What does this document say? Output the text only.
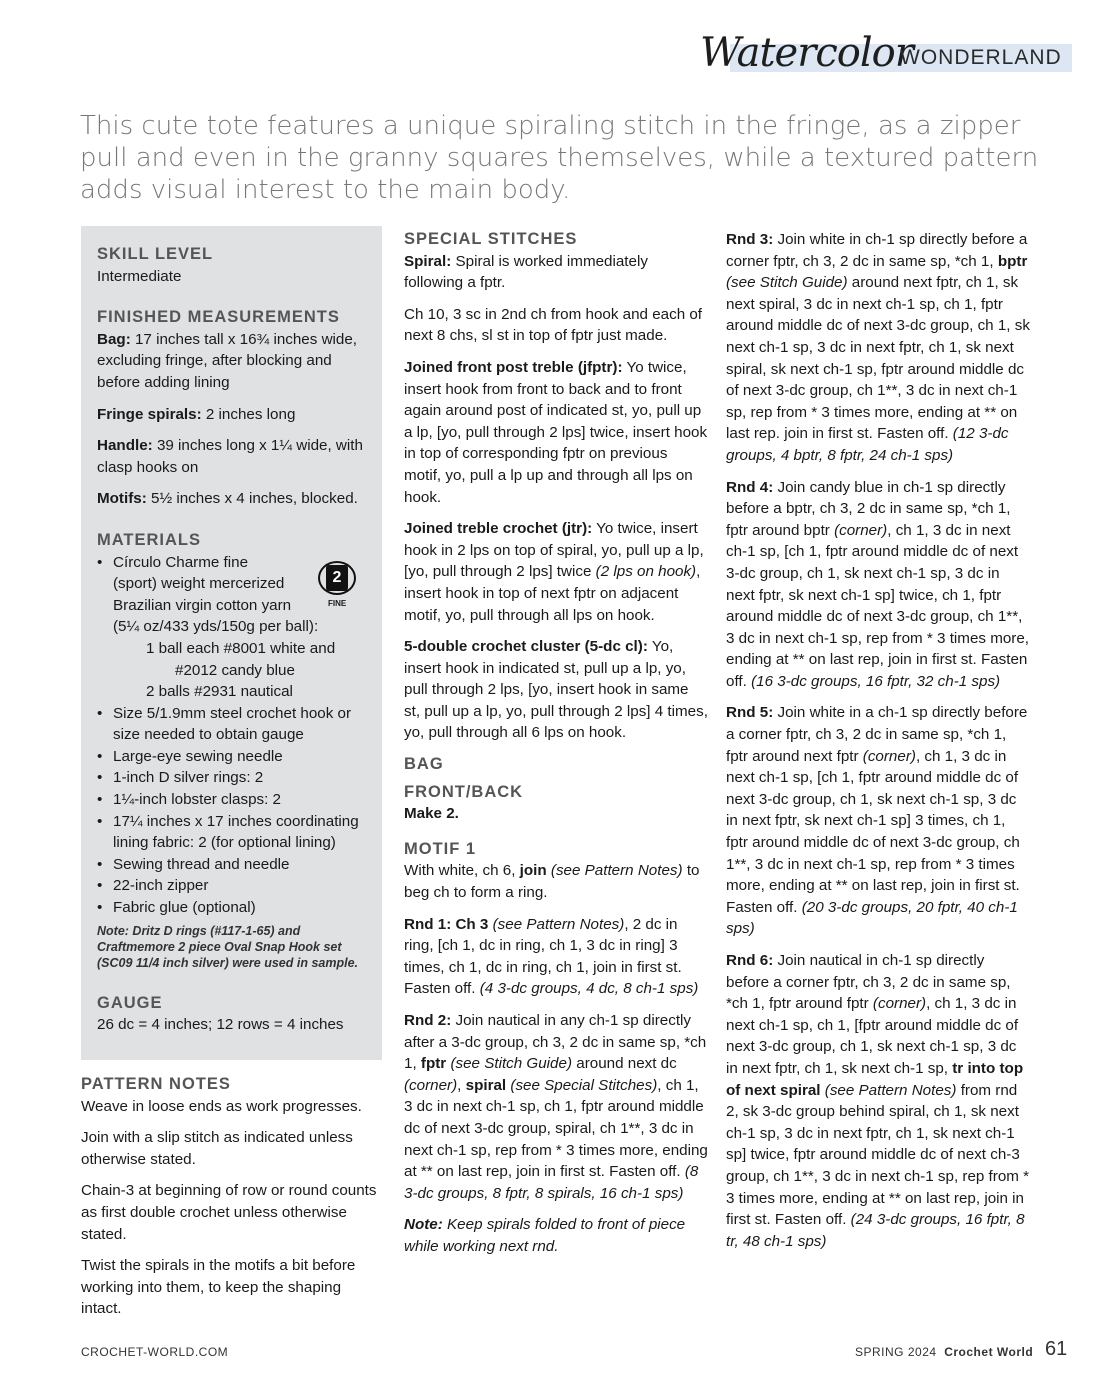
Watercolor
WONDERLAND

This cute tote features a unique spiraling stitch in the fringe, as a zipper pull and even in the granny squares themselves, while a textured pattern adds visual interest to the main body.

2
FINE
SKILL LEVEL
Intermediate
FINISHED MEASUREMENTS
Bag: 17 inches tall x 16¾ inches wide, excluding fringe, after blocking and before adding lining
Fringe spirals: 2 inches long
Handle: 39 inches long x 1¼ wide, with clasp hooks on
Motifs: 5½ inches x 4 inches, blocked.
MATERIALS
• Círculo Charme fine
(sport) weight mercerized
Brazilian virgin cotton yarn
(5¼ oz/433 yds/150g per ball):
1 ball each #8001 white and
#2012 candy blue
2 balls #2931 nautical
• Size 5/1.9mm steel crochet hook or size needed to obtain gauge
• Large-eye sewing needle
• 1-inch D silver rings: 2
• 1¼-inch lobster clasps: 2
• 17¼ inches x 17 inches coordinating lining fabric: 2 (for optional lining)
• Sewing thread and needle
• 22-inch zipper
• Fabric glue (optional)
Note: Dritz D rings (#117-1-65) and Craftmemore 2 piece Oval Snap Hook set (SC09 11/4 inch silver) were used in sample.
GAUGE
26 dc = 4 inches; 12 rows = 4 inches
PATTERN NOTES

Weave in loose ends as work progresses.

Join with a slip stitch as indicated unless otherwise stated.

Chain-3 at beginning of row or round counts as first double crochet unless otherwise stated.

Twist the spirals in the motifs a bit before working into them, to keep the shaping intact.

SPECIAL STITCHES

Spiral: Spiral is worked immediately following a fptr.

Ch 10, 3 sc in 2nd ch from hook and each of next 8 chs, sl st in top of fptr just made.

Joined front post treble (jfptr): Yo twice, insert hook from front to back and to front again around post of indicated st, yo, pull up a lp, [yo, pull through 2 lps] twice, insert hook in top of corresponding fptr on previous motif, yo, pull a lp up and through all lps on hook.

Joined treble crochet (jtr): Yo twice, insert hook in 2 lps on top of spiral, yo, pull up a lp, [yo, pull through 2 lps] twice (2 lps on hook), insert hook in top of next fptr on adjacent motif, yo, pull through all lps on hook.

5-double crochet cluster (5-dc cl): Yo, insert hook in indicated st, pull up a lp, yo, pull through 2 lps, [yo, insert hook in same st, pull up a lp, yo, pull through 2 lps] 4 times, yo, pull through all 6 lps on hook.

BAG
FRONT/BACK

Make 2.

MOTIF 1

With white, ch 6, join (see Pattern Notes) to beg ch to form a ring.

Rnd 1: Ch 3 (see Pattern Notes), 2 dc in ring, [ch 1, dc in ring, ch 1, 3 dc in ring] 3 times, ch 1, dc in ring, ch 1, join in first st. Fasten off. (4 3-dc groups, 4 dc, 8 ch-1 sps)

Rnd 2: Join nautical in any ch-1 sp directly after a 3-dc group, ch 3, 2 dc in same sp, *ch 1, fptr (see Stitch Guide) around next dc (corner), spiral (see Special Stitches), ch 1, 3 dc in next ch-1 sp, ch 1, fptr around middle dc of next 3-dc group, spiral, ch 1**, 3 dc in next ch-1 sp, rep from * 3 times more, ending at ** on last rep, join in first st. Fasten off. (8 3-dc groups, 8 fptr, 8 spirals, 16 ch-1 sps)

Note: Keep spirals folded to front of piece while working next rnd.

Rnd 3: Join white in ch-1 sp directly before a corner fptr, ch 3, 2 dc in same sp, *ch 1, bptr (see Stitch Guide) around next fptr, ch 1, sk next spiral, 3 dc in next ch-1 sp, ch 1, fptr around middle dc of next 3-dc group, ch 1, sk next ch-1 sp, 3 dc in next fptr, ch 1, sk next spiral, sk next ch-1 sp, fptr around middle dc of next 3-dc group, ch 1**, 3 dc in next ch-1 sp, rep from * 3 times more, ending at ** on last rep. join in first st. Fasten off. (12 3-dc groups, 4 bptr, 8 fptr, 24 ch-1 sps)

Rnd 4: Join candy blue in ch-1 sp directly before a bptr, ch 3, 2 dc in same sp, *ch 1, fptr around bptr (corner), ch 1, 3 dc in next ch-1 sp, [ch 1, fptr around middle dc of next 3-dc group, ch 1, sk next ch-1 sp, 3 dc in next fptr, sk next ch-1 sp] twice, ch 1, fptr around middle dc of next 3-dc group, ch 1**, 3 dc in next ch-1 sp, rep from * 3 times more, ending at ** on last rep, join in first st. Fasten off. (16 3-dc groups, 16 fptr, 32 ch-1 sps)

Rnd 5: Join white in a ch-1 sp directly before a corner fptr, ch 3, 2 dc in same sp, *ch 1, fptr around next fptr (corner), ch 1, 3 dc in next ch-1 sp, [ch 1, fptr around middle dc of next 3-dc group, ch 1, sk next ch-1 sp, 3 dc in next fptr, sk next ch-1 sp] 3 times, ch 1, fptr around middle dc of next 3-dc group, ch 1**, 3 dc in next ch-1 sp, rep from * 3 times more, ending at ** on last rep, join in first st. Fasten off. (20 3-dc groups, 20 fptr, 40 ch-1 sps)

Rnd 6: Join nautical in ch-1 sp directly before a corner fptr, ch 3, 2 dc in same sp, *ch 1, fptr around fptr (corner), ch 1, 3 dc in next ch-1 sp, ch 1, [fptr around middle dc of next 3-dc group, ch 1, sk next ch-1 sp, 3 dc in next fptr, ch 1, sk next ch-1 sp, tr into top of next spiral (see Pattern Notes) from rnd 2, sk 3-dc group behind spiral, ch 1, sk next ch-1 sp, 3 dc in next fptr, ch 1, sk next ch-1 sp] twice, fptr around middle dc of next ch-3 group, ch 1**, 3 dc in next ch-1 sp, rep from * 3 times more, ending at ** on last rep, join in first st. Fasten off. (24 3-dc groups, 16 fptr, 8 tr, 48 ch-1 sps)

CROCHET-WORLD.COM	SPRING 2024 Crochet World 61
